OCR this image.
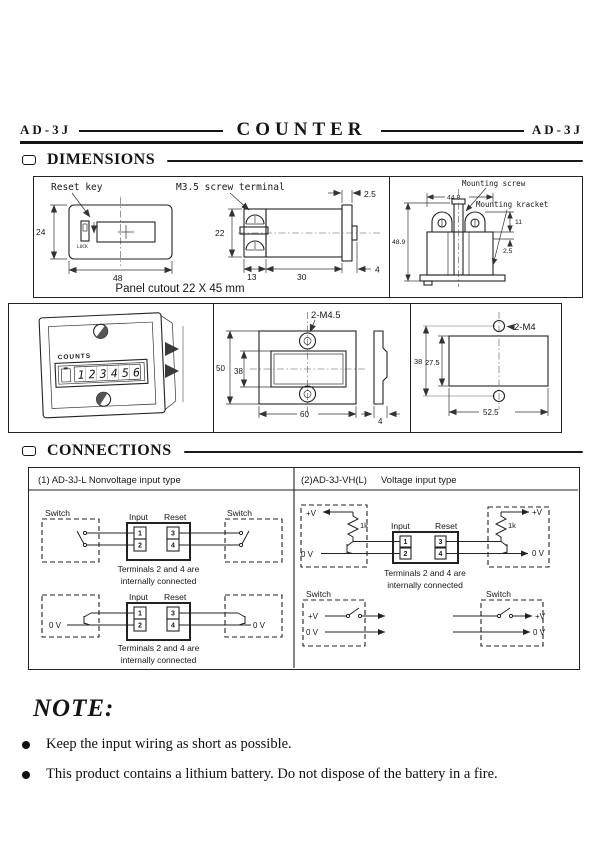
AD-3J	COUNTER	AD-3J
DIMENSIONS
Reset key
LOCK
24
48
M3.5 screw terminal
22
2.5
13	30
4
Panel cutout 22 X 45 mm
Mounting screw
Mounting kracket
44.8
48.9
11
2.5
COUNTS
123456
2-M4.5
50 38
60
4
2-M4
38 27.5
52.5
CONNECTIONS
(1) AD-3J-L Nonvoltage input type	(2)AD-3J-VH(L) Voltage input type
Switch	Switch
Input Reset
1
2
3
4
Terminals 2 and 4 are
internally connected
Input Reset
1
2
3
4
0 V	0 V
Terminals 2 and 4 are
internally connected
+V
1k
0 V
Input	Reset
1
2
3
4
+V
1k
0 V
Terminals 2 and 4 are
internally connected
Switch
+V
0 V
Switch
+V
0 V
NOTE:
Keep the input wiring as short as possible.
This product contains a lithium battery. Do not dispose of the battery in a fire.
